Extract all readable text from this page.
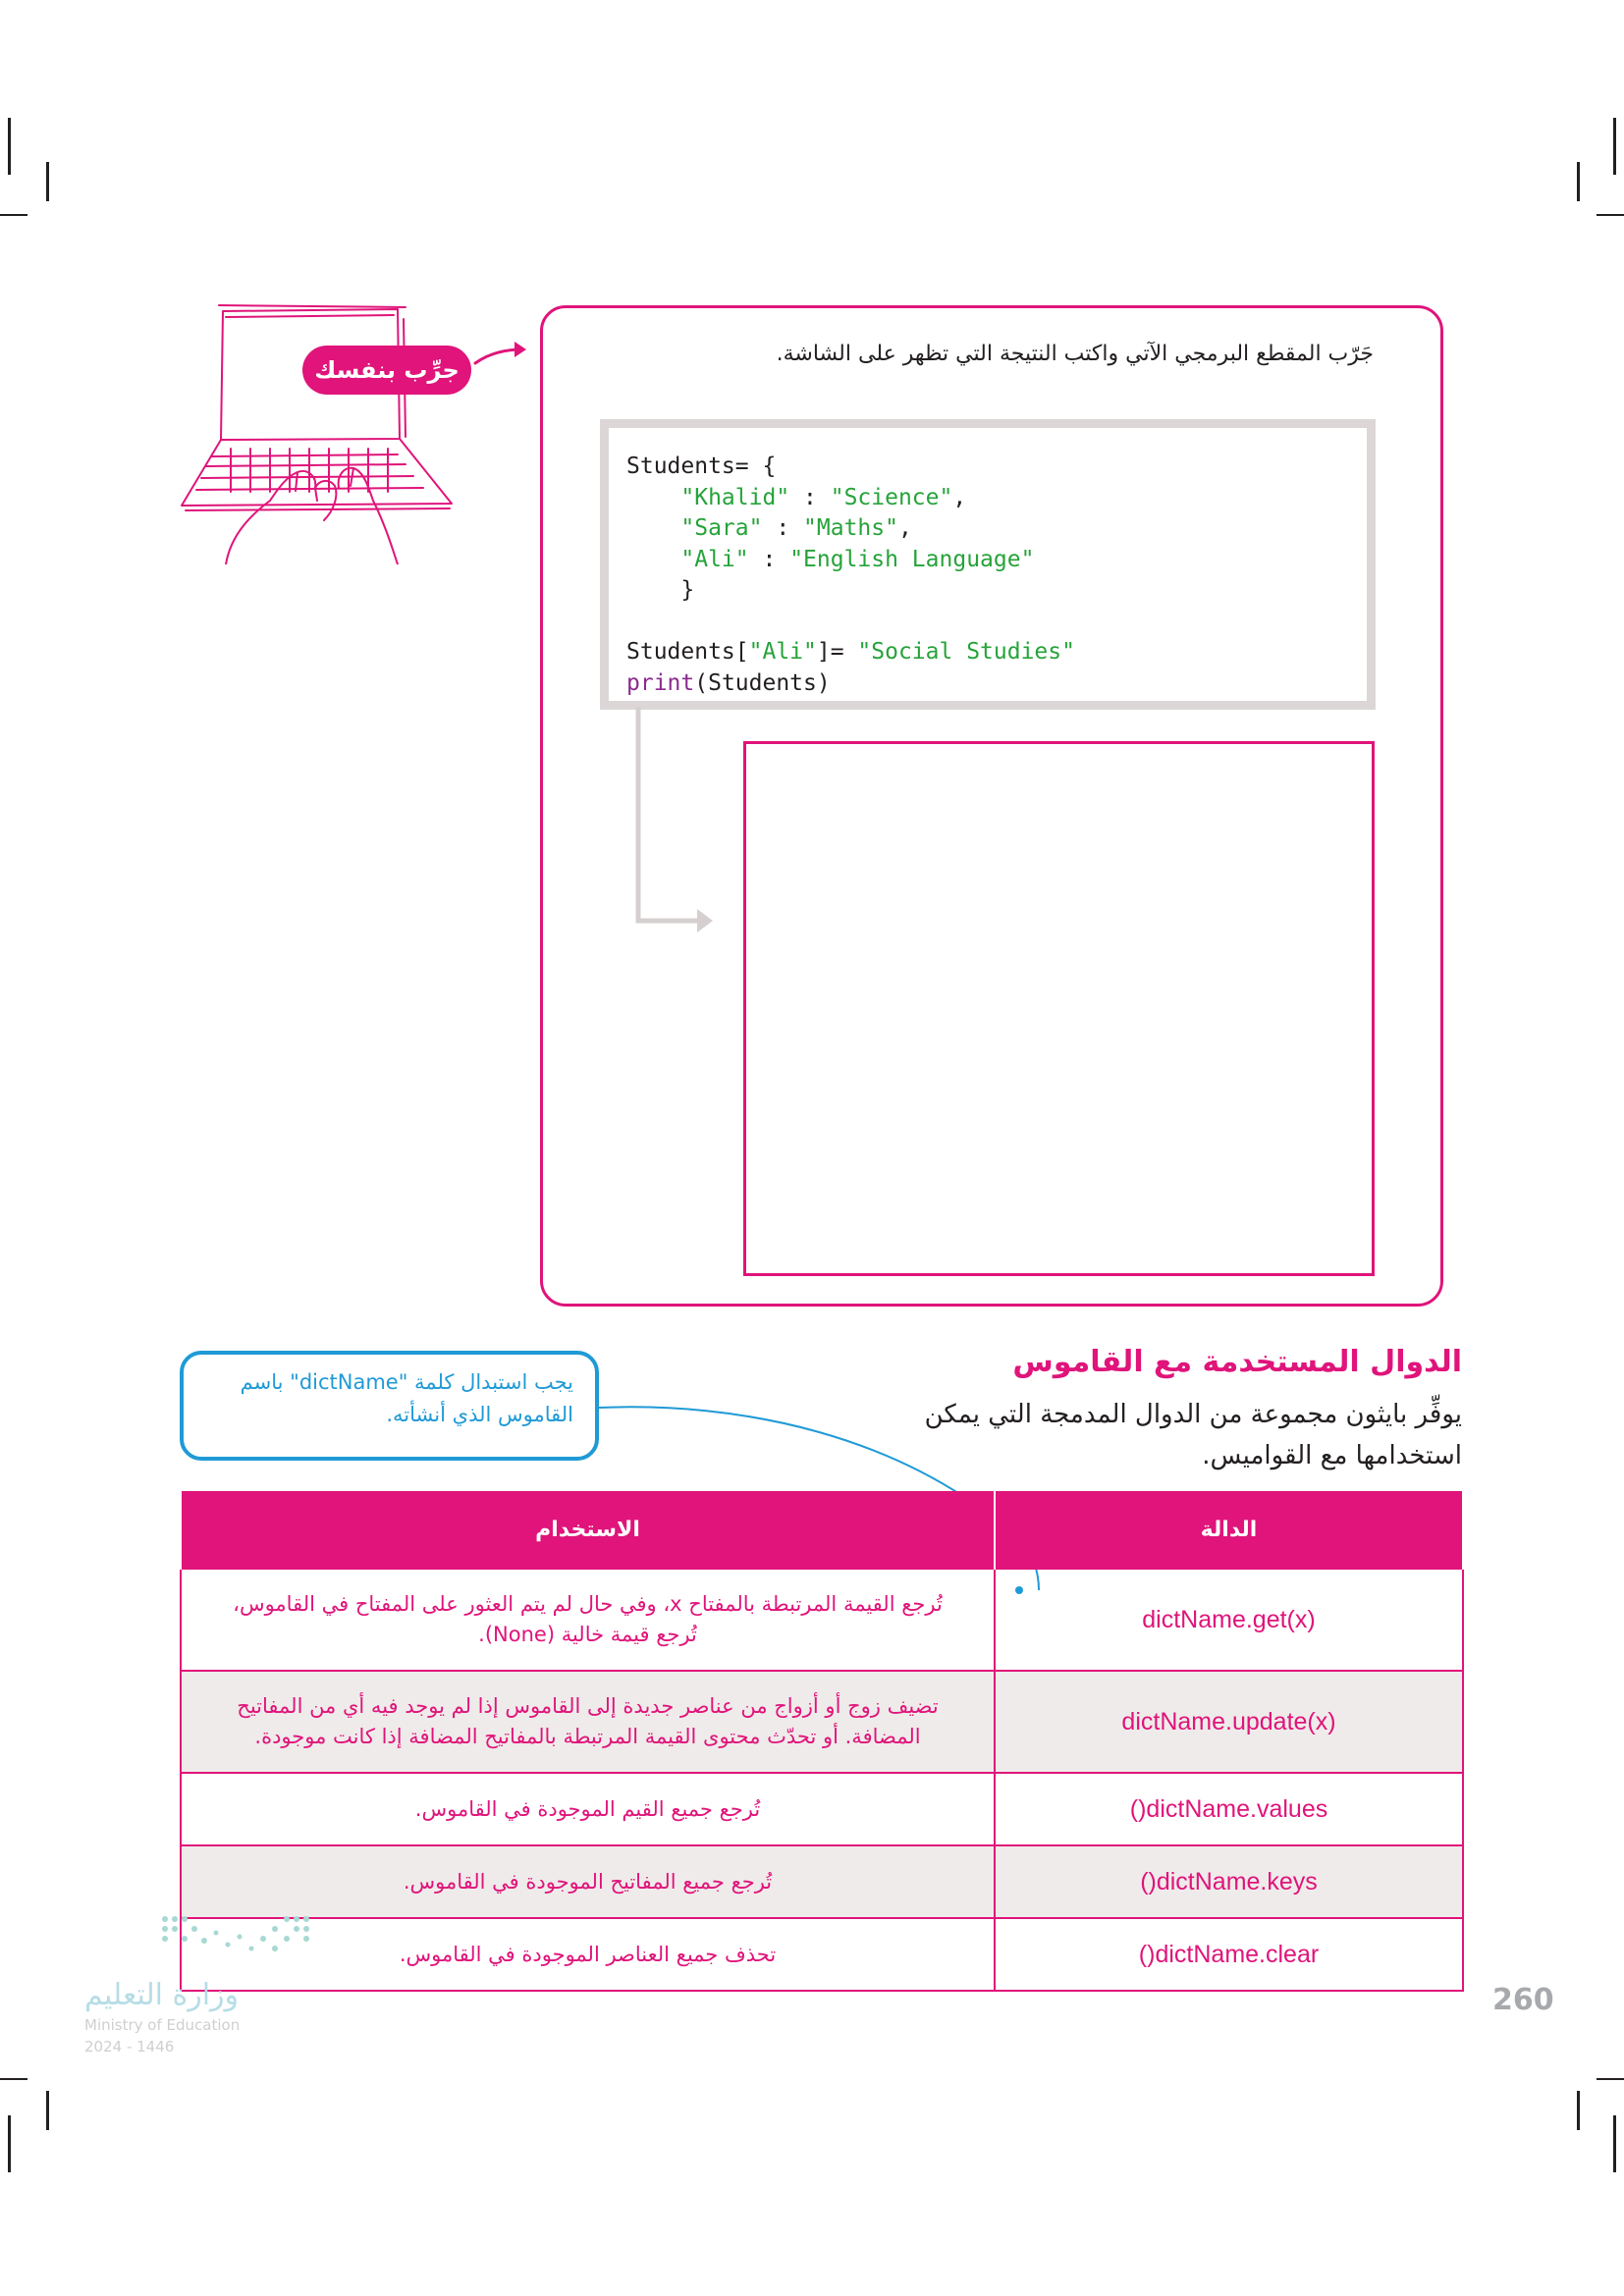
جرِّب بنفسك
جَرّب المقطع البرمجي الآتي واكتب النتيجة التي تظهر على الشاشة.
Students= {
"Khalid" : "Science",
"Sara" : "Maths",
"Ali" : "English Language"
}

Students["Ali"]= "Social Studies"
print(Students)
الدوال المستخدمة مع القاموس
يوفِّر بايثون مجموعة من الدوال المدمجة التي يمكن استخدامها مع القواميس.
يجب استبدال كلمة "dictName" باسم القاموس الذي أنشأته.
الدالة	الاستخدام
dictName.get(x)	تُرجع القيمة المرتبطة بالمفتاح x، وفي حال لم يتم العثور على المفتاح في القاموس، تُرجع قيمة خالية (None).
dictName.update(x)	تضيف زوج أو أزواج من عناصر جديدة إلى القاموس إذا لم يوجد فيه أي من المفاتيح المضافة. أو تحدّث محتوى القيمة المرتبطة بالمفاتيح المضافة إذا كانت موجودة.
dictName.values()	تُرجع جميع القيم الموجودة في القاموس.
dictName.keys()	تُرجع جميع المفاتيح الموجودة في القاموس.
dictName.clear()	تحذف جميع العناصر الموجودة في القاموس.
وزارة التعليم
Ministry of Education
2024 - 1446
260
